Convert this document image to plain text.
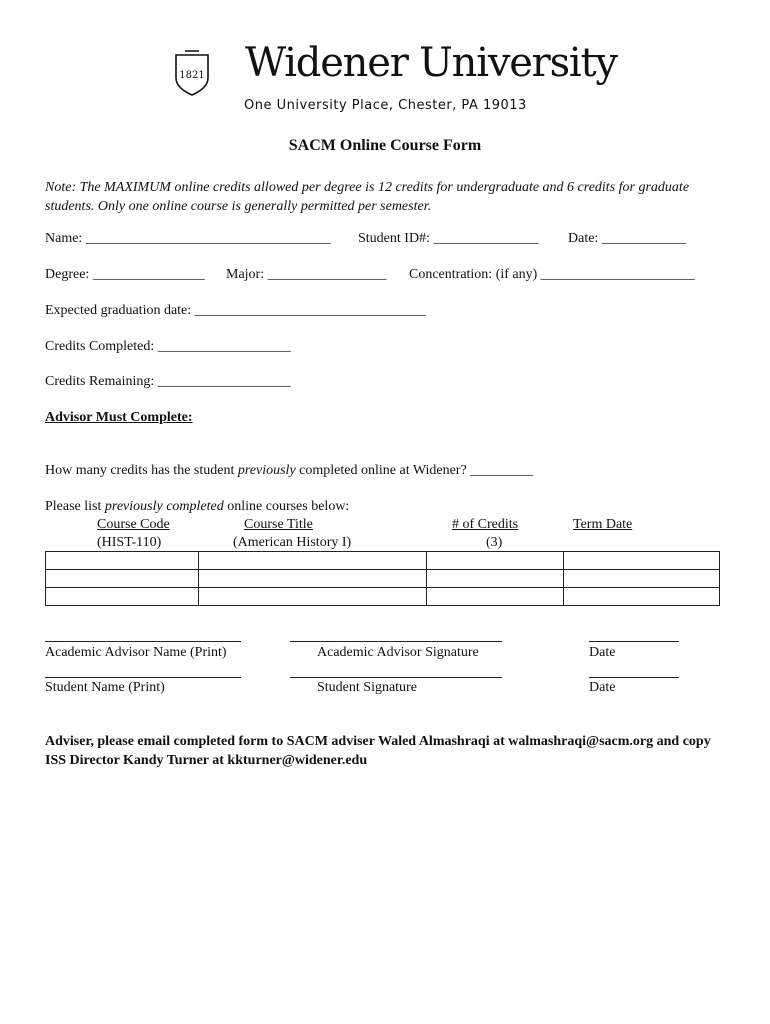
1821 Widener University
One University Place, Chester, PA 19013
SACM Online Course Form
Note: The MAXIMUM online credits allowed per degree is 12 credits for undergraduate and 6 credits for graduate students. Only one online course is generally permitted per semester.
Name: ___________________________________ Student ID#: _______________ Date: ____________
Degree: ________________ Major: _________________ Concentration: (if any) ______________________
Expected graduation date: _________________________________
Credits Completed: ___________________
Credits Remaining: ___________________
Advisor Must Complete:
How many credits has the student previously completed online at Widener? _________
Please list previously completed online courses below:
Course Code	Course Title	# of Credits	Term Date
(HIST-110)	(American History I)	(3)

Academic Advisor Name (Print)	Academic Advisor Signature	Date
Student Name (Print)	Student Signature	Date
Adviser, please email completed form to SACM adviser Waled Almashraqi at walmashraqi@sacm.org and copy ISS Director Kandy Turner at kkturner@widener.edu
